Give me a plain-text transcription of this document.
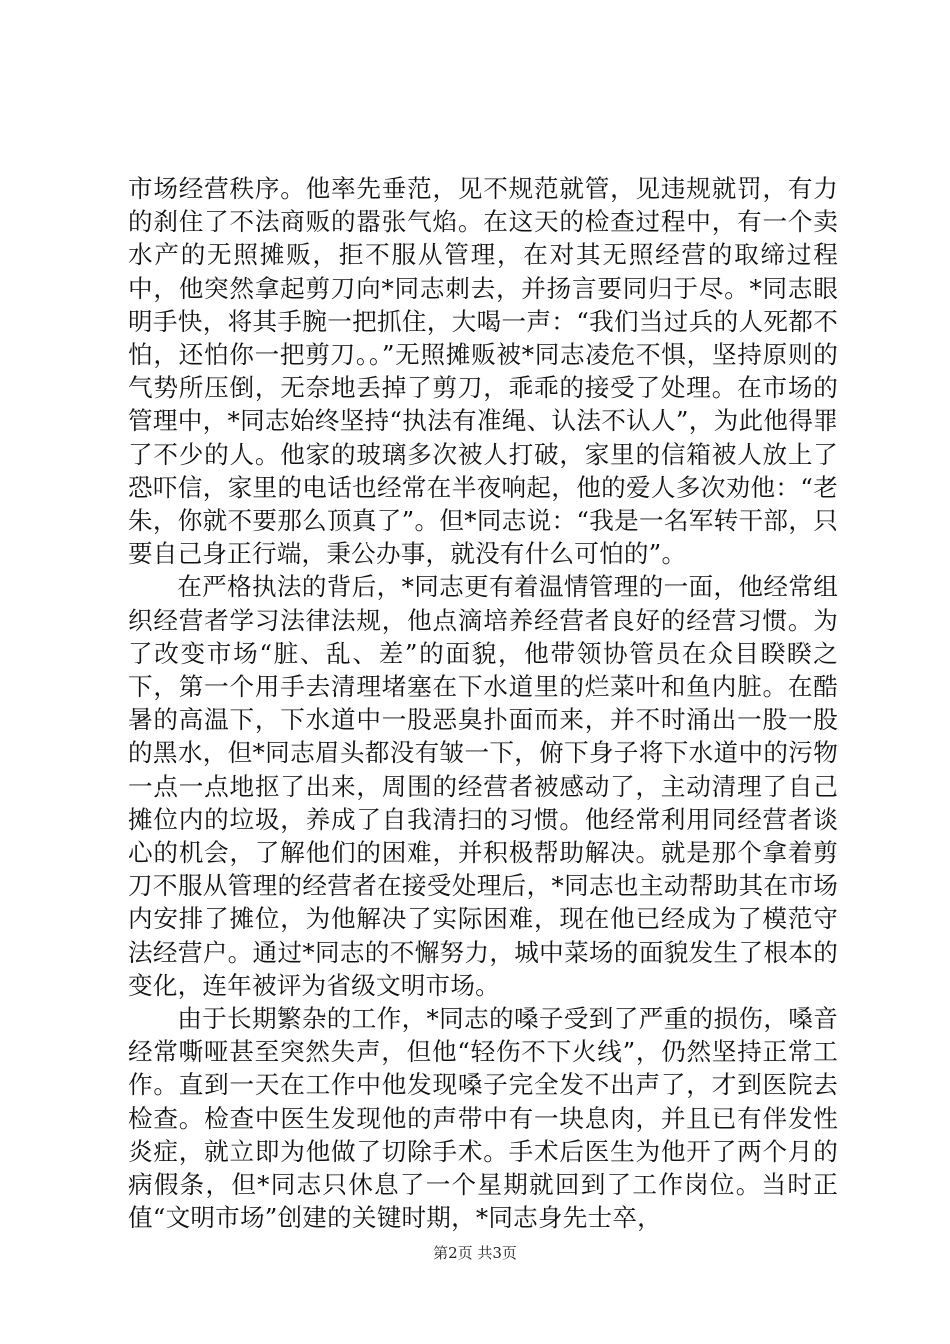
市场经营秩序。他率先垂范，见不规范就管，见违规就罚，有力的刹住了不法商贩的嚣张气焰。在这天的检查过程中，有一个卖水产的无照摊贩，拒不服从管理，在对其无照经营的取缔过程中，他突然拿起剪刀向*同志刺去，并扬言要同归于尽。*同志眼明手快，将其手腕一把抓住，大喝一声：“我们当过兵的人死都不怕，还怕你一把剪刀。。”无照摊贩被*同志凌危不惧，坚持原则的气势所压倒，无奈地丢掉了剪刀，乖乖的接受了处理。在市场的管理中，*同志始终坚持“执法有准绳、认法不认人”，为此他得罪了不少的人。他家的玻璃多次被人打破，家里的信箱被人放上了恐吓信，家里的电话也经常在半夜响起，他的爱人多次劝他：“老朱，你就不要那么顶真了”。但*同志说：“我是一名军转干部，只要自己身正行端，秉公办事，就没有什么可怕的”。

在严格执法的背后，*同志更有着温情管理的一面，他经常组织经营者学习法律法规，他点滴培养经营者良好的经营习惯。为了改变市场“脏、乱、差”的面貌，他带领协管员在众目睽睽之下，第一个用手去清理堵塞在下水道里的烂菜叶和鱼内脏。在酷暑的高温下，下水道中一股恶臭扑面而来，并不时涌出一股一股的黑水，但*同志眉头都没有皱一下，俯下身子将下水道中的污物一点一点地抠了出来，周围的经营者被感动了，主动清理了自己摊位内的垃圾，养成了自我清扫的习惯。他经常利用同经营者谈心的机会，了解他们的困难，并积极帮助解决。就是那个拿着剪刀不服从管理的经营者在接受处理后，*同志也主动帮助其在市场内安排了摊位，为他解决了实际困难，现在他已经成为了模范守法经营户。通过*同志的不懈努力，城中菜场的面貌发生了根本的变化，连年被评为省级文明市场。

由于长期繁杂的工作，*同志的嗓子受到了严重的损伤，嗓音经常嘶哑甚至突然失声，但他“轻伤不下火线”，仍然坚持正常工作。直到一天在工作中他发现嗓子完全发不出声了，才到医院去检查。检查中医生发现他的声带中有一块息肉，并且已有伴发性炎症，就立即为他做了切除手术。手术后医生为他开了两个月的病假条，但*同志只休息了一个星期就回到了工作岗位。当时正值“文明市场”创建的关键时期，*同志身先士卒，

第2页 共3页
